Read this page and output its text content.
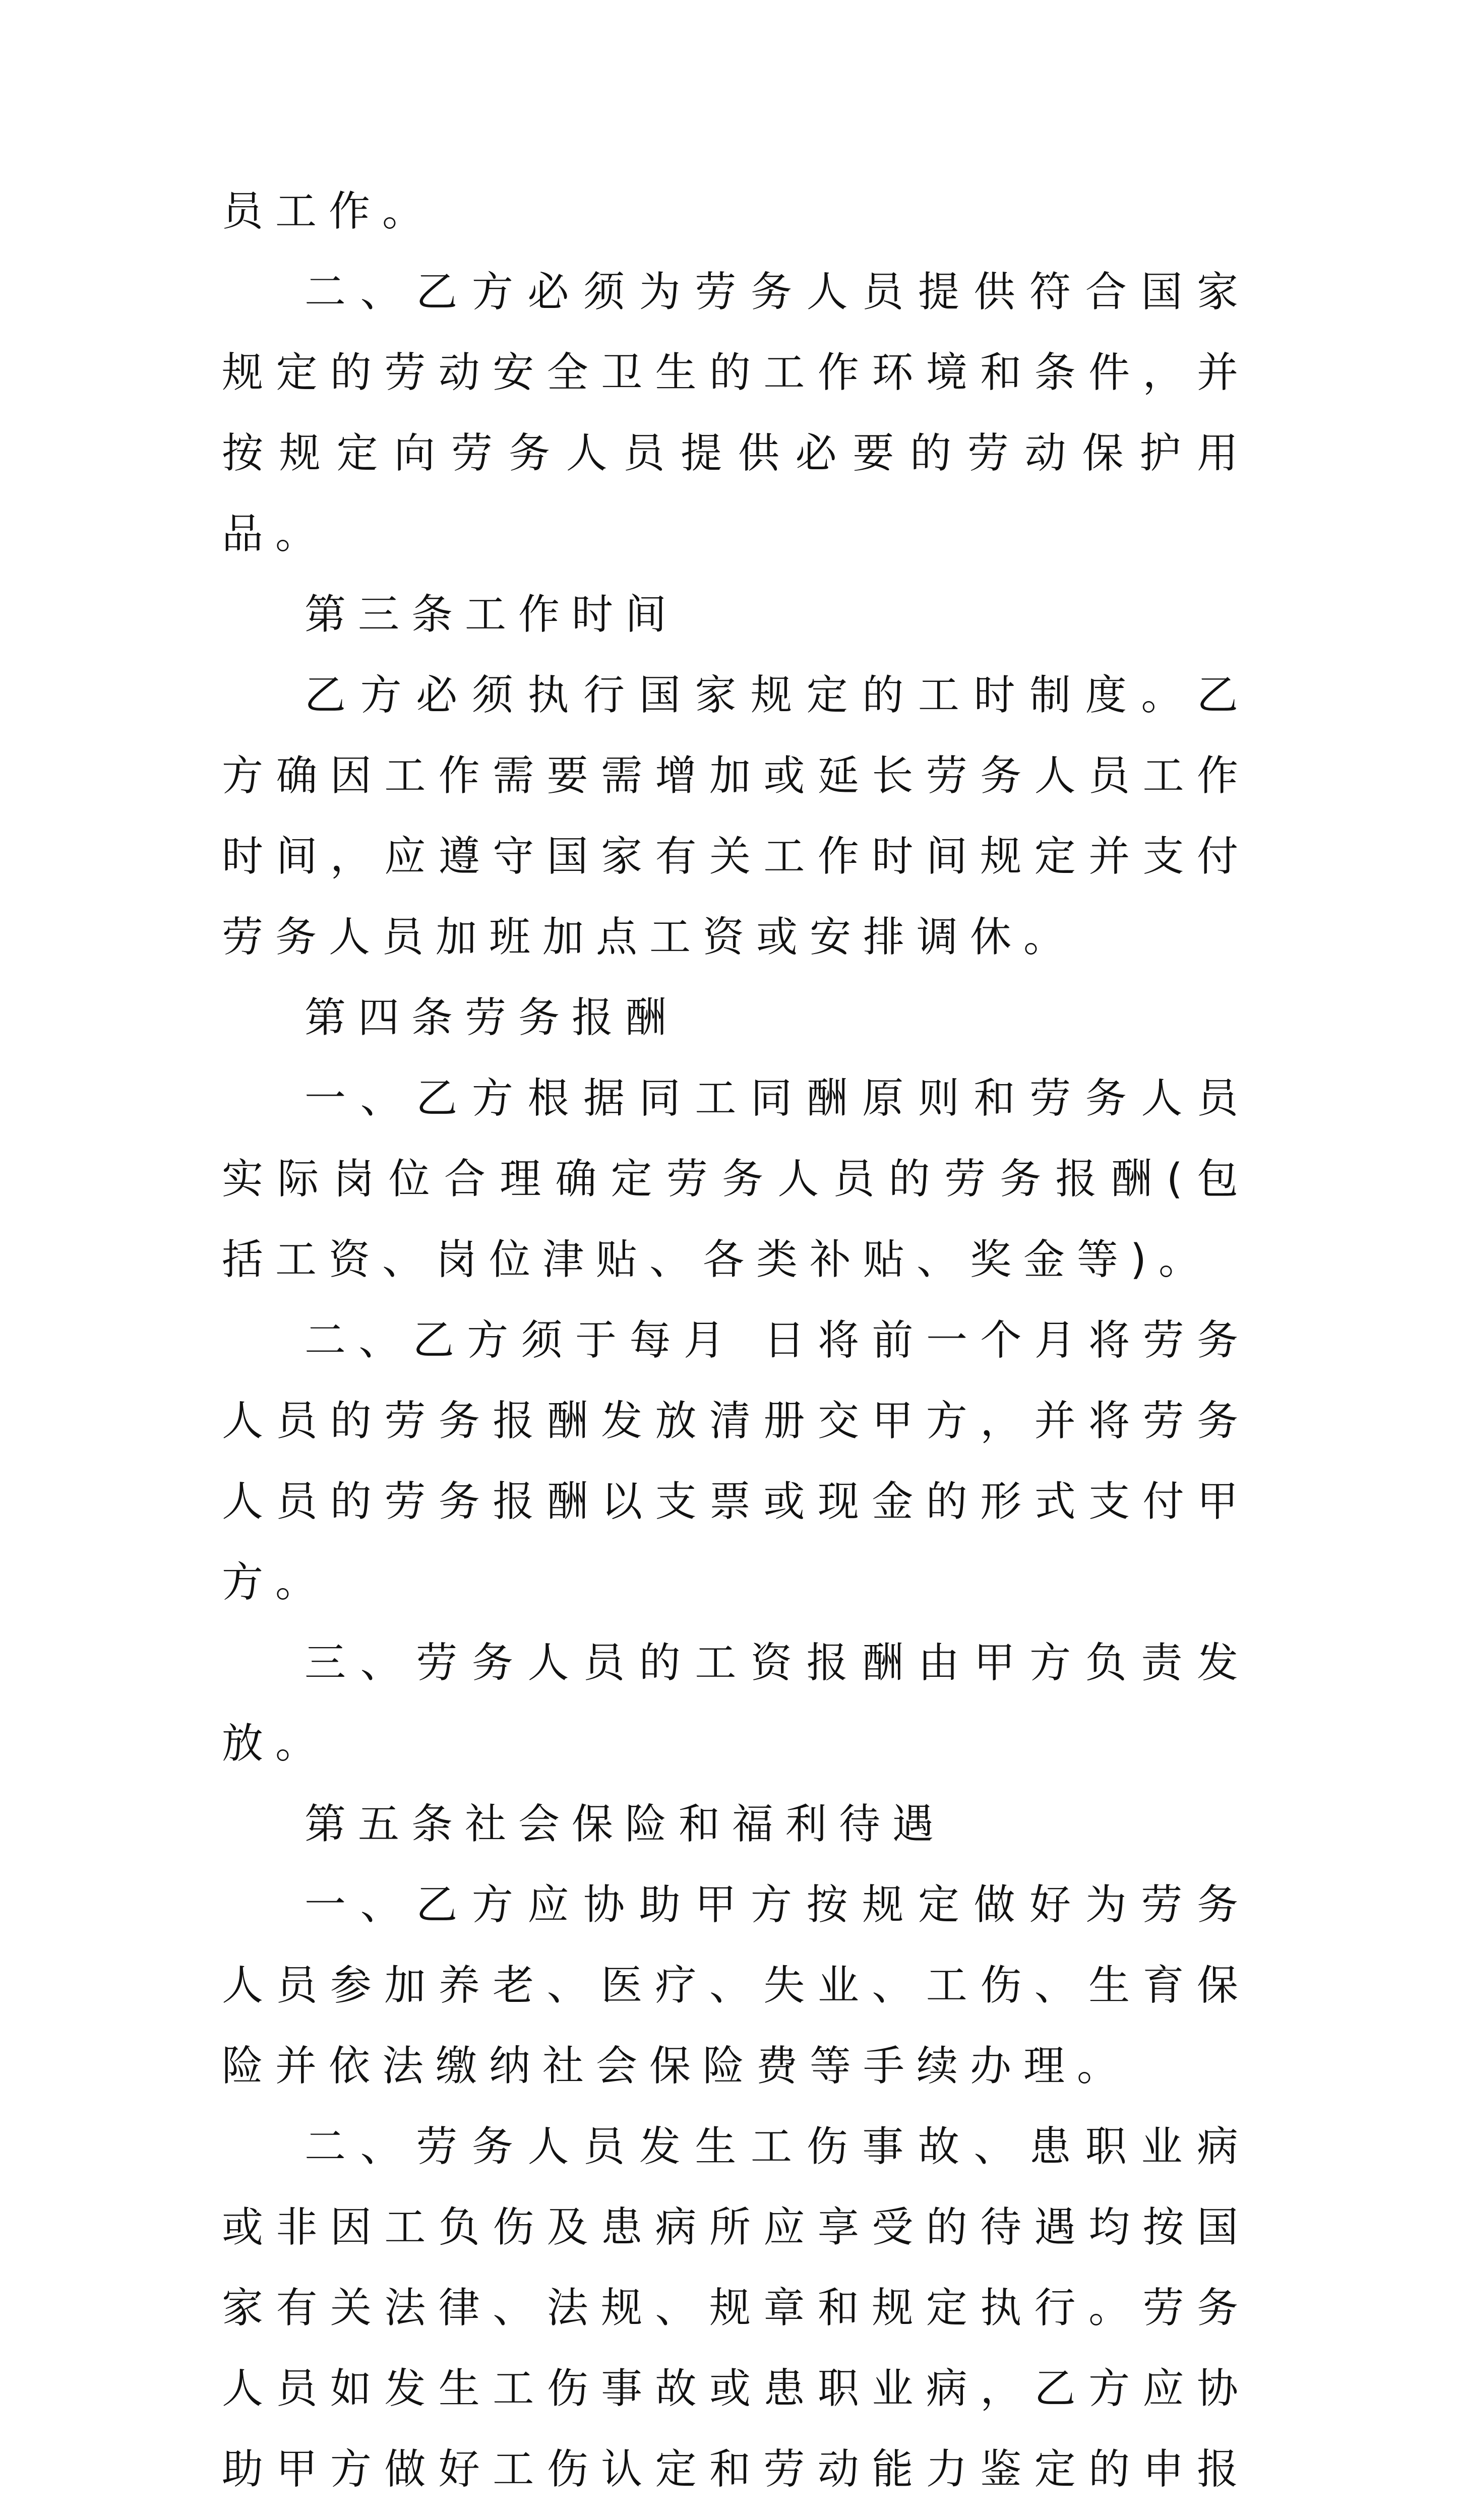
员工作。

二、乙方必须为劳务人员提供符合国家规定的劳动安全卫生的工作环境和条件，并按规定向劳务人员提供必要的劳动保护用品。

第三条工作时间

乙方必须执行国家规定的工时制度。乙方确因工作需要需增加或延长劳务人员工作时间，应遵守国家有关工作时间规定并支付劳务人员加班加点工资或安排调休。

第四条劳务报酬

一、乙方根据同工同酬原则和劳务人员实际岗位合理确定劳务人员的劳务报酬(包括工资、岗位津贴、各类补贴、奖金等)。

二、乙方须于每月 日将前一个月将劳务人员的劳务报酬发放清册交甲方，并将劳务人员的劳务报酬以支票或现金的形式支付甲方。

三、劳务人员的工资报酬由甲方负责发放。

第五条社会保险和福利待遇

一、乙方应协助甲方按规定做好为劳务人员参加养老、医疗、失业、工伤、生育保险并依法缴纳社会保险费等手续办理。

二、劳务人员发生工伤事故、患职业病或非因工负伤及患病所应享受的待遇均按国家有关法律、法规、规章和规定执行。劳务人员如发生工伤事故或患职业病，乙方应协助甲方做好工伤认定和劳动能力鉴定的申报
